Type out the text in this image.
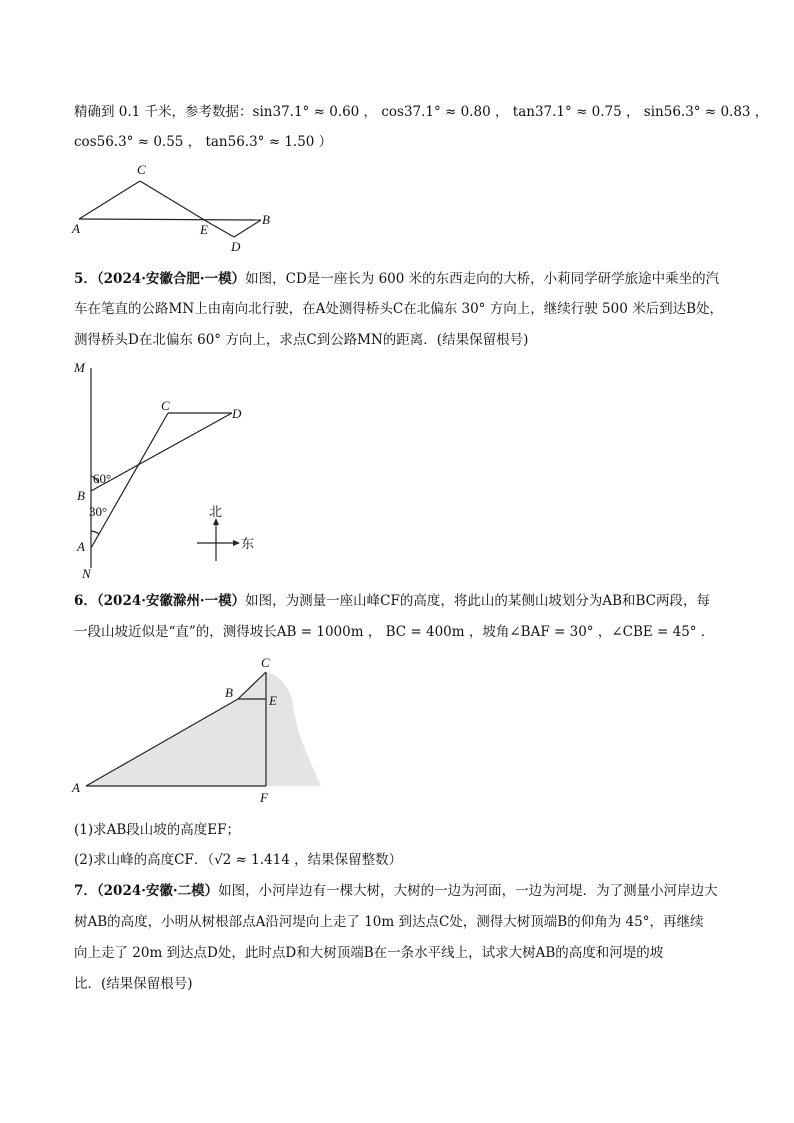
精确到 0.1 千米，参考数据：sin37.1° ≈ 0.60 ， cos37.1° ≈ 0.80 ， tan37.1° ≈ 0.75 ， sin56.3° ≈ 0.83 ，
cos56.3° ≈ 0.55 ， tan56.3° ≈ 1.50 ）
C
A	E
B
D
M
N
B
A
C
D
60°
30°	北
东
A
B
C
E
F
5．（2024·安徽合肥·一模）如图，CD是一座长为 600 米的东西走向的大桥，小莉同学研学旅途中乘坐的汽
车在笔直的公路MN上由南向北行驶，在A处测得桥头C在北偏东 30° 方向上，继续行驶 500 米后到达B处，
测得桥头D在北偏东 60° 方向上，求点C到公路MN的距离．(结果保留根号)
6．（2024·安徽滁州·一模）如图，为测量一座山峰CF的高度，将此山的某侧山坡划分为AB和BC两段，每
一段山坡近似是“直”的，测得坡长AB = 1000m ， BC = 400m ，坡角∠BAF = 30° ，∠CBE = 45° ．
(1)求AB段山坡的高度EF；
(2)求山峰的高度CF．（√2 ≈ 1.414 ，结果保留整数）
7．（2024·安徽·二模）如图，小河岸边有一棵大树，大树的一边为河面，一边为河堤．为了测量小河岸边大
树AB的高度，小明从树根部点A沿河堤向上走了 10m 到达点C处，测得大树顶端B的仰角为 45°，再继续
向上走了 20m 到达点D处，此时点D和大树顶端B在一条水平线上，试求大树AB的高度和河堤的坡
比．(结果保留根号)
